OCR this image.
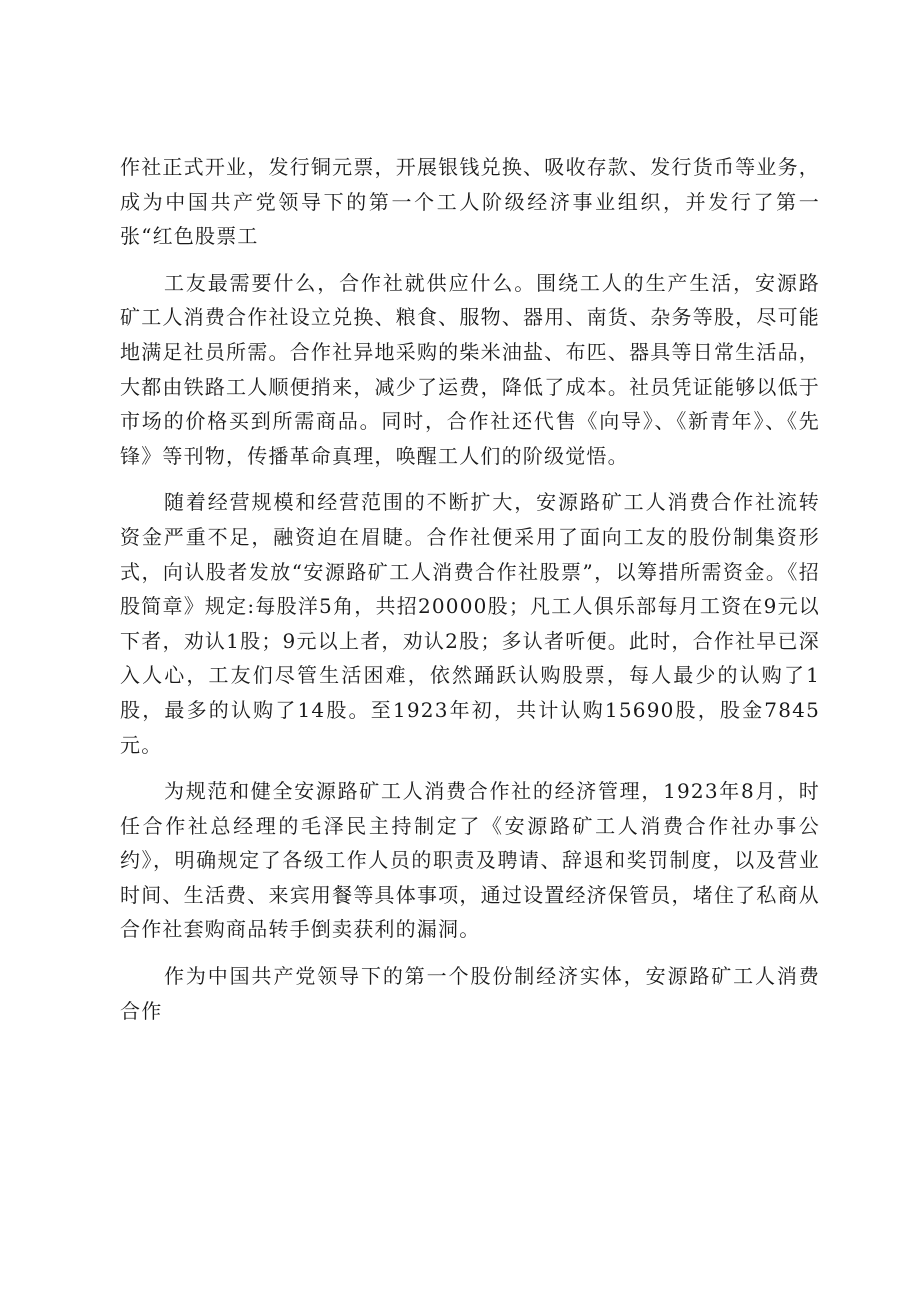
作社正式开业，发行铜元票，开展银钱兑换、吸收存款、发行货币等业务，成为中国共产党领导下的第一个工人阶级经济事业组织，并发行了第一张“红色股票工

工友最需要什么，合作社就供应什么。围绕工人的生产生活，安源路矿工人消费合作社设立兑换、粮食、服物、器用、南货、杂务等股，尽可能地满足社员所需。合作社异地采购的柴米油盐、布匹、器具等日常生活品，大都由铁路工人顺便捎来，减少了运费，降低了成本。社员凭证能够以低于市场的价格买到所需商品。同时，合作社还代售《向导》、《新青年》、《先锋》等刊物，传播革命真理，唤醒工人们的阶级觉悟。

随着经营规模和经营范围的不断扩大，安源路矿工人消费合作社流转资金严重不足，融资迫在眉睫。合作社便采用了面向工友的股份制集资形式，向认股者发放“安源路矿工人消费合作社股票”，以筹措所需资金。《招股简章》规定:每股洋5角，共招20000股；凡工人俱乐部每月工资在9元以下者，劝认1股；9元以上者，劝认2股；多认者听便。此时，合作社早已深入人心，工友们尽管生活困难，依然踊跃认购股票，每人最少的认购了1股，最多的认购了14股。至1923年初，共计认购15690股，股金7845元。

为规范和健全安源路矿工人消费合作社的经济管理，1923年8月，时任合作社总经理的毛泽民主持制定了《安源路矿工人消费合作社办事公约》，明确规定了各级工作人员的职责及聘请、辞退和奖罚制度，以及营业时间、生活费、来宾用餐等具体事项，通过设置经济保管员，堵住了私商从合作社套购商品转手倒卖获利的漏洞。

作为中国共产党领导下的第一个股份制经济实体，安源路矿工人消费合作
